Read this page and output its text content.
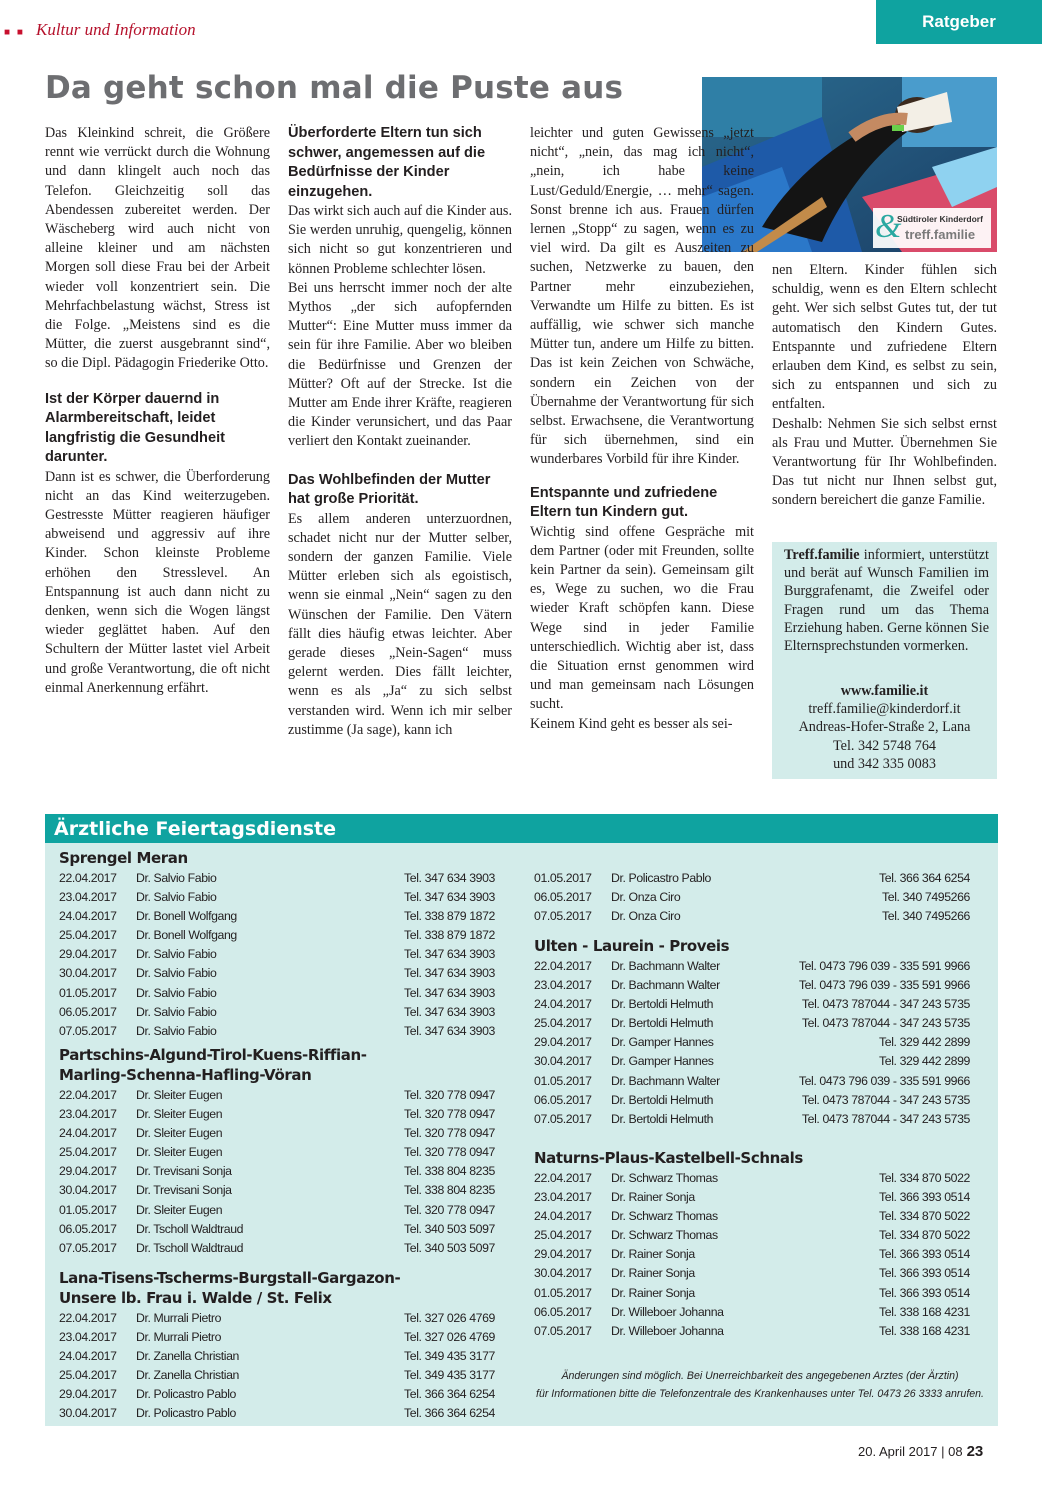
■ ■ Kultur und Information	Ratgeber
Da geht schon mal die Puste aus

Das Kleinkind schreit, die Größere rennt wie verrückt durch die Wohnung und dann klingelt auch noch das Telefon. Gleichzeitig soll das Abendessen zubereitet werden. Der Wäscheberg wird auch nicht von alleine kleiner und am nächsten Morgen soll diese Frau bei der Arbeit wieder voll konzentriert sein. Die Mehrfachbelastung wächst, Stress ist die Folge. „Meistens sind es die Mütter, die zuerst ausgebrannt sind“, so die Dipl. Pädagogin Friederike Otto.

Ist der Körper dauernd in Alarmbereitschaft, leidet langfristig die Gesundheit darunter.

Dann ist es schwer, die Überforderung nicht an das Kind weiterzugeben. Gestresste Mütter reagieren häufiger abweisend und aggressiv auf ihre Kinder. Schon kleinste Probleme erhöhen den Stresslevel. An Entspannung ist auch dann nicht zu denken, wenn sich die Wogen längst wieder geglättet haben. Auf den Schultern der Mütter lastet viel Arbeit und große Verantwortung, die oft nicht einmal Anerkennung erfährt.

Überforderte Eltern tun sich schwer, angemessen auf die Bedürfnisse der Kinder einzugehen.

Das wirkt sich auch auf die Kinder aus. Sie werden unruhig, quengelig, können sich nicht so gut konzentrieren und können Probleme schlechter lösen.

Bei uns herrscht immer noch der alte Mythos „der sich aufopfernden Mutter“: Eine Mutter muss immer da sein für ihre Familie. Aber wo bleiben die Bedürfnisse und Grenzen der Mütter? Oft auf der Strecke. Ist die Mutter am Ende ihrer Kräfte, reagieren die Kinder verunsichert, und das Paar verliert den Kontakt zueinander.

Das Wohlbefinden der Mutter hat große Priorität.

Es allem anderen unterzuordnen, schadet nicht nur der Mutter selber, sondern der ganzen Familie. Viele Mütter erleben sich als egoistisch, wenn sie einmal „Nein“ sagen zu den Wünschen der Familie. Den Vätern fällt dies häufig etwas leichter. Aber gerade dieses „Nein-Sagen“ muss gelernt werden. Dies fällt leichter, wenn es als „Ja“ zu sich selbst verstanden wird. Wenn ich mir selber zustimme (Ja sage), kann ich

&
Südtiroler Kinderdorf
treff.familie

leichter und guten Gewissens „jetzt nicht“, „nein, das mag ich nicht“, „nein, ich habe keine Lust/Geduld/Energie, … mehr“ sagen. Sonst brenne ich aus. Frauen dürfen lernen „Stopp“ zu sagen, wenn es zu viel wird. Da gilt es Auszeiten zu suchen, Netzwerke zu bauen, den Partner mehr einzubeziehen, Verwandte um Hilfe zu bitten. Es ist auffällig, wie schwer sich manche Mütter tun, andere um Hilfe zu bitten. Das ist kein Zeichen von Schwäche, sondern ein Zeichen von der Übernahme der Verantwortung für sich selbst. Erwachsene, die Verantwortung für sich übernehmen, sind ein wunderbares Vorbild für ihre Kinder.

Entspannte und zufriedene Eltern tun Kindern gut.

Wichtig sind offene Gespräche mit dem Partner (oder mit Freunden, sollte kein Partner da sein). Gemeinsam gilt es, Wege zu suchen, wo die Frau wieder Kraft schöpfen kann. Diese Wege sind in jeder Familie unterschiedlich. Wichtig aber ist, dass die Situation ernst genommen wird und man gemeinsam nach Lösungen sucht.

Keinem Kind geht es besser als sei-

nen Eltern. Kinder fühlen sich schuldig, wenn es den Eltern schlecht geht. Wer sich selbst Gutes tut, der tut automatisch den Kindern Gutes. Entspannte und zufriedene Eltern erlauben dem Kind, es selbst zu sein, sich zu entspannen und sich zu entfalten.

Deshalb: Nehmen Sie sich selbst ernst als Frau und Mutter. Übernehmen Sie Verantwortung für Ihr Wohlbefinden. Das tut nicht nur Ihnen selbst gut, sondern bereichert die ganze Familie.

Treff.familie informiert, unterstützt und berät auf Wunsch Familien im Burggrafenamt, die Zweifel oder Fragen rund um das Thema Erziehung haben. Gerne können Sie Elternsprechstunden vormerken.
www.familie.it
treff.familie@kinderdorf.it
Andreas-Hofer-Straße 2, Lana
Tel. 342 5748 764
und 342 335 0083
Ärztliche Feiertagsdienste
Sprengel Meran
22.04.2017	Dr. Salvio Fabio	Tel. 347 634 3903
23.04.2017	Dr. Salvio Fabio	Tel. 347 634 3903
24.04.2017	Dr. Bonell Wolfgang	Tel. 338 879 1872
25.04.2017	Dr. Bonell Wolfgang	Tel. 338 879 1872
29.04.2017	Dr. Salvio Fabio	Tel. 347 634 3903
30.04.2017	Dr. Salvio Fabio	Tel. 347 634 3903
01.05.2017	Dr. Salvio Fabio	Tel. 347 634 3903
06.05.2017	Dr. Salvio Fabio	Tel. 347 634 3903
07.05.2017	Dr. Salvio Fabio	Tel. 347 634 3903
Partschins-Algund-Tirol-Kuens-Riffian-
Marling-Schenna-Hafling-Vöran
22.04.2017	Dr. Sleiter Eugen	Tel. 320 778 0947
23.04.2017	Dr. Sleiter Eugen	Tel. 320 778 0947
24.04.2017	Dr. Sleiter Eugen	Tel. 320 778 0947
25.04.2017	Dr. Sleiter Eugen	Tel. 320 778 0947
29.04.2017	Dr. Trevisani Sonja	Tel. 338 804 8235
30.04.2017	Dr. Trevisani Sonja	Tel. 338 804 8235
01.05.2017	Dr. Sleiter Eugen	Tel. 320 778 0947
06.05.2017	Dr. Tscholl Waldtraud	Tel. 340 503 5097
07.05.2017	Dr. Tscholl Waldtraud	Tel. 340 503 5097
Lana-Tisens-Tscherms-Burgstall-Gargazon-
Unsere lb. Frau i. Walde / St. Felix
22.04.2017	Dr. Murrali Pietro	Tel. 327 026 4769
23.04.2017	Dr. Murrali Pietro	Tel. 327 026 4769
24.04.2017	Dr. Zanella Christian	Tel. 349 435 3177
25.04.2017	Dr. Zanella Christian	Tel. 349 435 3177
29.04.2017	Dr. Policastro Pablo	Tel. 366 364 6254
30.04.2017	Dr. Policastro Pablo	Tel. 366 364 6254
01.05.2017	Dr. Policastro Pablo	Tel. 366 364 6254
06.05.2017	Dr. Onza Ciro	Tel. 340 7495266
07.05.2017	Dr. Onza Ciro	Tel. 340 7495266
Ulten - Laurein - Proveis
22.04.2017	Dr. Bachmann Walter	Tel. 0473 796 039 - 335 591 9966
23.04.2017	Dr. Bachmann Walter	Tel. 0473 796 039 - 335 591 9966
24.04.2017	Dr. Bertoldi Helmuth	Tel. 0473 787044 - 347 243 5735
25.04.2017	Dr. Bertoldi Helmuth	Tel. 0473 787044 - 347 243 5735
29.04.2017	Dr. Gamper Hannes	Tel. 329 442 2899
30.04.2017	Dr. Gamper Hannes	Tel. 329 442 2899
01.05.2017	Dr. Bachmann Walter	Tel. 0473 796 039 - 335 591 9966
06.05.2017	Dr. Bertoldi Helmuth	Tel. 0473 787044 - 347 243 5735
07.05.2017	Dr. Bertoldi Helmuth	Tel. 0473 787044 - 347 243 5735
Naturns-Plaus-Kastelbell-Schnals
22.04.2017	Dr. Schwarz Thomas	Tel. 334 870 5022
23.04.2017	Dr. Rainer Sonja	Tel. 366 393 0514
24.04.2017	Dr. Schwarz Thomas	Tel. 334 870 5022
25.04.2017	Dr. Schwarz Thomas	Tel. 334 870 5022
29.04.2017	Dr. Rainer Sonja	Tel. 366 393 0514
30.04.2017	Dr. Rainer Sonja	Tel. 366 393 0514
01.05.2017	Dr. Rainer Sonja	Tel. 366 393 0514
06.05.2017	Dr. Willeboer Johanna	Tel. 338 168 4231
07.05.2017	Dr. Willeboer Johanna	Tel. 338 168 4231
Änderungen sind möglich. Bei Unerreichbarkeit des angegebenen Arztes (der Ärztin)
für Informationen bitte die Telefonzentrale des Krankenhauses unter Tel. 0473 26 3333 anrufen.
20. April 2017 | 08 23
